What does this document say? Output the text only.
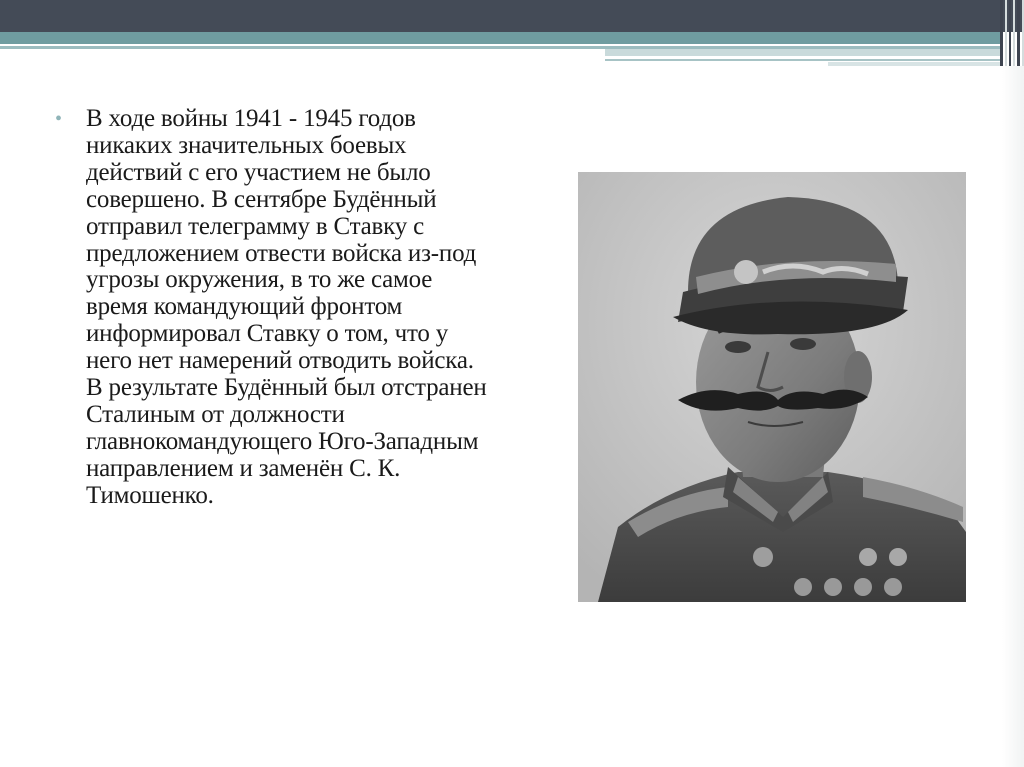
• В ходе войны 1941 - 1945 годов никаких значительных боевых действий с его участием не было совершено. В сентябре Будённый отправил телеграмму в Ставку с предложением отвести войска из-под угрозы окружения, в то же самое время командующий фронтом информировал Ставку о том, что у него нет намерений отводить войска. В результате Будённый был отстранен Сталиным от должности главнокомандующего Юго-Западным направлением и заменён С. К. Тимошенко.
